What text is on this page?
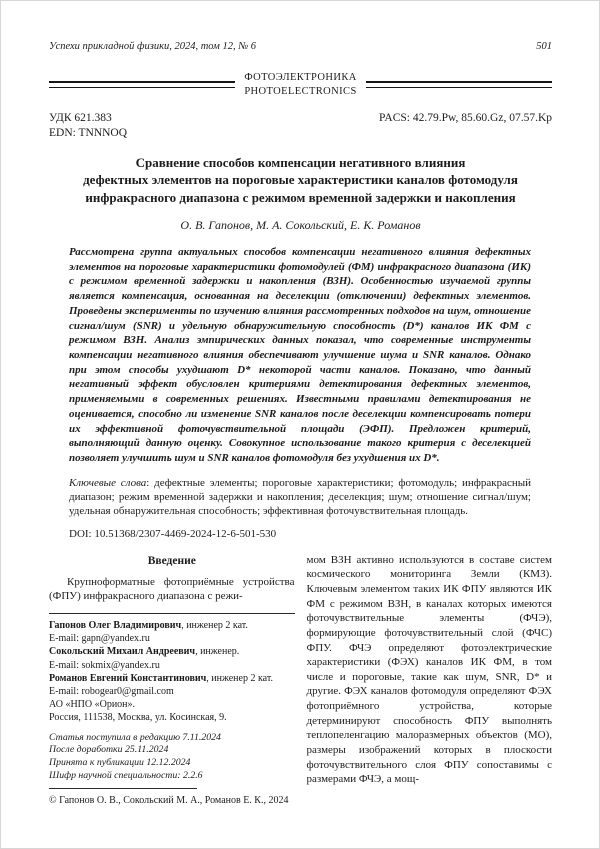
Успехи прикладной физики, 2024, том 12, № 6	501
ФОТОЭЛЕКТРОНИКА
PHOTOELECTRONICS
УДК 621.383	PACS: 42.79.Pw, 85.60.Gz, 07.57.Kp
EDN: TNNNOQ
Сравнение способов компенсации негативного влияния
дефектных элементов на пороговые характеристики каналов фотомодуля
инфракрасного диапазона с режимом временной задержки и накопления
О. В. Гапонов, М. А. Сокольский, Е. К. Романов
Рассмотрена группа актуальных способов компенсации негативного влияния дефектных элементов на пороговые характеристики фотомодулей (ФМ) инфракрасного диапазона (ИК) с режимом временной задержки и накопления (ВЗН). Особенностью изучаемой группы является компенсация, основанная на деселекции (отключении) дефектных элементов. Проведены эксперименты по изучению влияния рассмотренных подходов на шум, отношение сигнал/шум (SNR) и удельную обнаружительную способность (D*) каналов ИК ФМ с режимом ВЗН. Анализ эмпирических данных показал, что современные инструменты компенсации негативного влияния обеспечивают улучшение шума и SNR каналов. Однако при этом способы ухудшают D* некоторой части каналов. Показано, что данный негативный эффект обусловлен критериями детектирования дефектных элементов, применяемыми в современных решениях. Известными правилами детектирования не оценивается, способно ли изменение SNR каналов после деселекции компенсировать потери их эффективной фоточувствительной площади (ЭФП). Предложен критерий, выполняющий данную оценку. Совокупное использование такого критерия с деселекцией позволяет улучшить шум и SNR каналов фотомодуля без ухудшения их D*.
Ключевые слова: дефектные элементы; пороговые характеристики; фотомодуль; инфракрасный диапазон; режим временной задержки и накопления; деселекция; шум; отношение сигнал/шум; удельная обнаружительная способность; эффективная фоточувствительная площадь.
DOI: 10.51368/2307-4469-2024-12-6-501-530
Введение
Крупноформатные фотоприёмные устройства (ФПУ) инфракрасного диапазона с режи-
Гапонов Олег Владимирович, инженер 2 кат.
E-mail: gapn@yandex.ru
Сокольский Михаил Андреевич, инженер.
E-mail: sokmix@yandex.ru
Романов Евгений Константинович, инженер 2 кат.
E-mail: robogear0@gmail.com
АО «НПО «Орион».
Россия, 111538, Москва, ул. Косинская, 9.
Статья поступила в редакцию 7.11.2024
После доработки 25.11.2024
Принята к публикации 12.12.2024
Шифр научной специальности: 2.2.6
© Гапонов О. В., Сокольский М. А., Романов Е. К., 2024
мом ВЗН активно используются в составе систем космического мониторинга Земли (КМЗ). Ключевым элементом таких ИК ФПУ являются ИК ФМ с режимом ВЗН, в каналах которых имеются фоточувствительные элементы (ФЧЭ), формирующие фоточувствительный слой (ФЧС) ФПУ. ФЧЭ определяют фотоэлектрические характеристики (ФЭХ) каналов ИК ФМ, в том числе и пороговые, такие как шум, SNR, D* и другие. ФЭХ каналов фотомодуля определяют ФЭХ фотоприёмного устройства, которые детерминируют способность ФПУ выполнять теплопеленгацию малоразмерных объектов (МО), размеры изображений которых в плоскости фоточувствительного слоя ФПУ сопоставимы с размерами ФЧЭ, а мощ-
